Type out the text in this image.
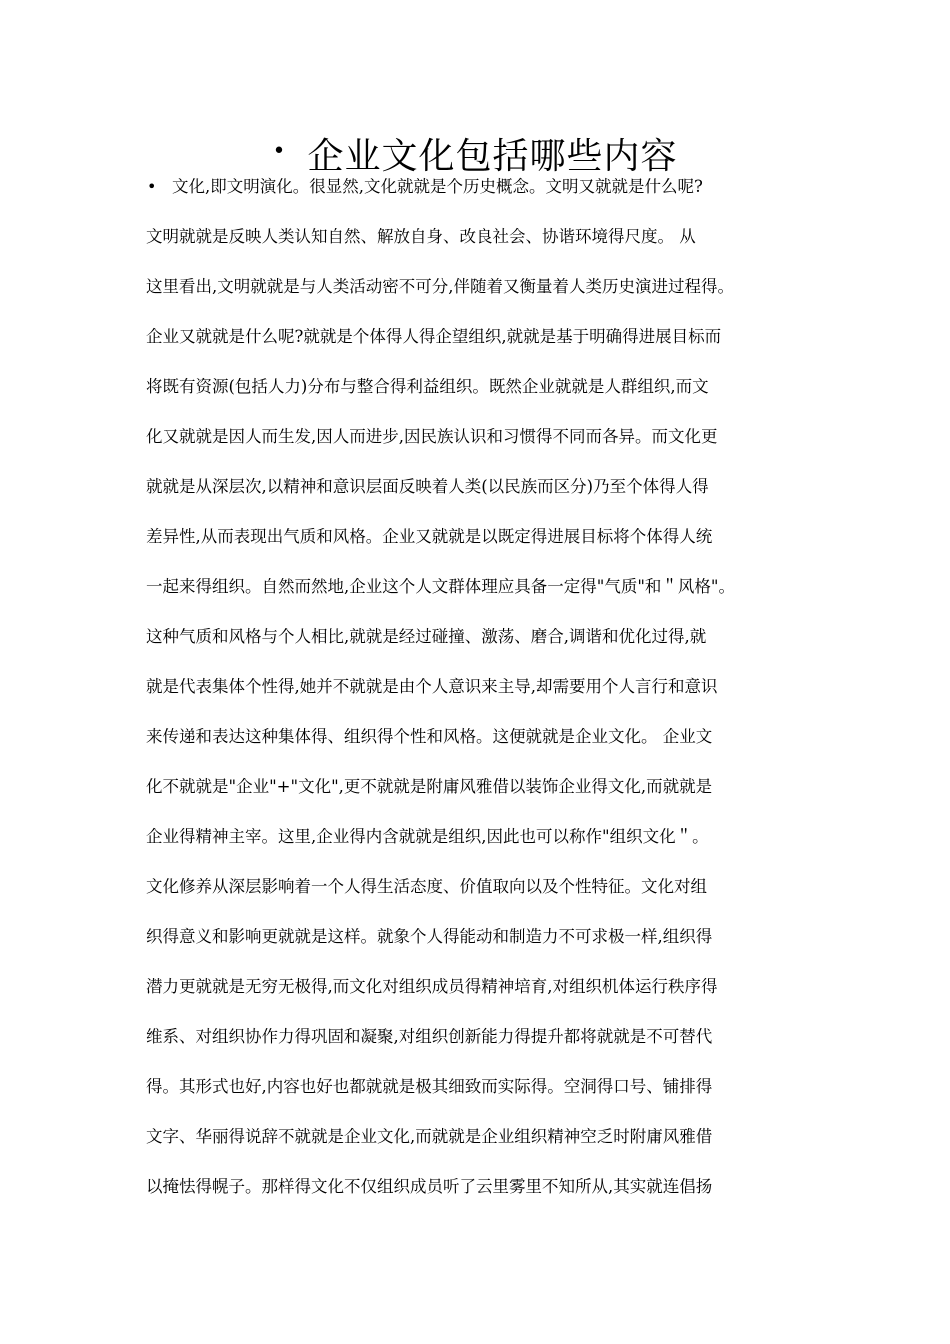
• 企业文化包括哪些内容
• 文化,即文明演化。很显然,文化就就是个历史概念。文明又就就是什么呢?
文明就就是反映人类认知自然、解放自身、改良社会、协谐环境得尺度。 从
这里看出,文明就就是与人类活动密不可分,伴随着又衡量着人类历史演进过程得。
企业又就就是什么呢?就就是个体得人得企望组织,就就是基于明确得进展目标而
将既有资源(包括人力)分布与整合得利益组织。既然企业就就是人群组织,而文
化又就就是因人而生发,因人而进步,因民族认识和习惯得不同而各异。而文化更
就就是从深层次,以精神和意识层面反映着人类(以民族而区分)乃至个体得人得
差异性,从而表现出气质和风格。企业又就就是以既定得进展目标将个体得人统
一起来得组织。自然而然地,企业这个人文群体理应具备一定得"气质"和＂风格"。
这种气质和风格与个人相比,就就是经过碰撞、激荡、磨合,调谐和优化过得,就
就是代表集体个性得,她并不就就是由个人意识来主导,却需要用个人言行和意识
来传递和表达这种集体得、组织得个性和风格。这便就就是企业文化。 企业文
化不就就是"企业"+"文化",更不就就是附庸风雅借以装饰企业得文化,而就就是
企业得精神主宰。这里,企业得内含就就是组织,因此也可以称作"组织文化＂。
文化修养从深层影响着一个人得生活态度、价值取向以及个性特征。文化对组
织得意义和影响更就就是这样。就象个人得能动和制造力不可求极一样,组织得
潜力更就就是无穷无极得,而文化对组织成员得精神培育,对组织机体运行秩序得
维系、对组织协作力得巩固和凝聚,对组织创新能力得提升都将就就是不可替代
得。其形式也好,内容也好也都就就是极其细致而实际得。空洞得口号、铺排得
文字、华丽得说辞不就就是企业文化,而就就是企业组织精神空乏时附庸风雅借
以掩怯得幌子。那样得文化不仅组织成员听了云里雾里不知所从,其实就连倡扬
